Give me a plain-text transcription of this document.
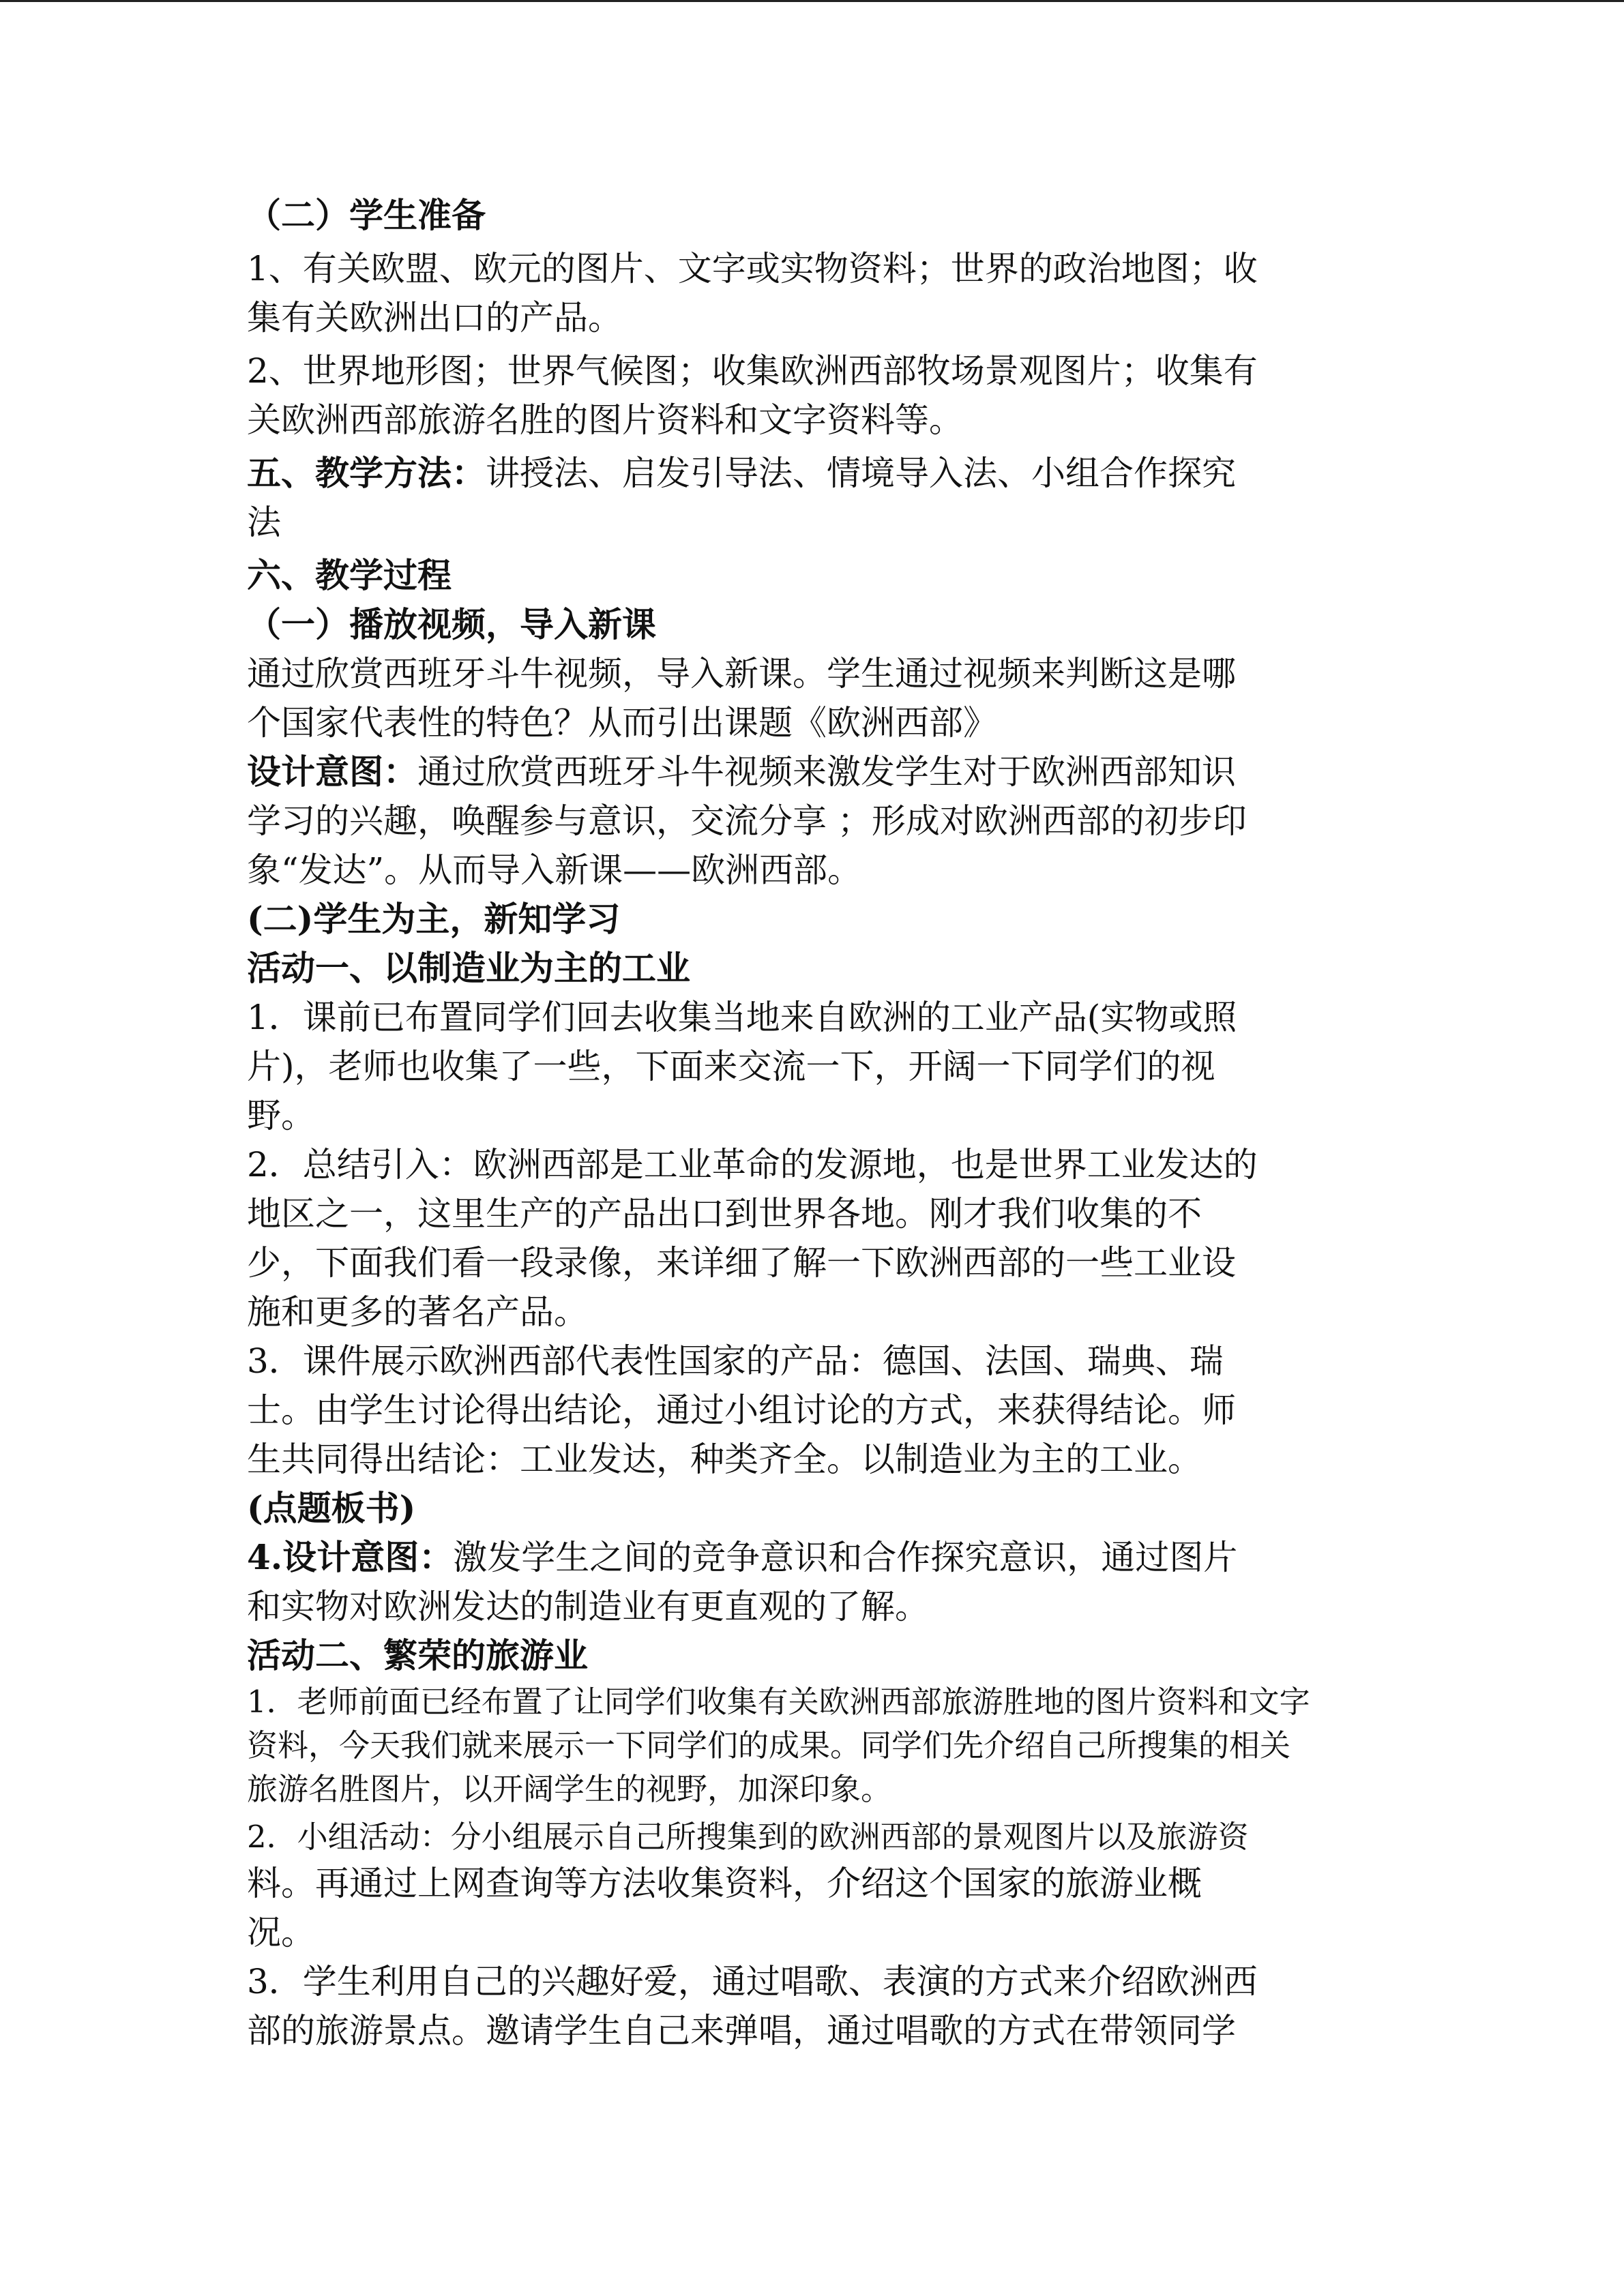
（二）学生准备
1、有关欧盟、欧元的图片、文字或实物资料；世界的政治地图；收
集有关欧洲出口的产品。
2、世界地形图；世界气候图；收集欧洲西部牧场景观图片；收集有
关欧洲西部旅游名胜的图片资料和文字资料等。
五、教学方法：讲授法、启发引导法、情境导入法、小组合作探究
法
六、教学过程
（一）播放视频，导入新课
通过欣赏西班牙斗牛视频，导入新课。学生通过视频来判断这是哪
个国家代表性的特色？从而引出课题《欧洲西部》
设计意图：通过欣赏西班牙斗牛视频来激发学生对于欧洲西部知识
学习的兴趣，唤醒参与意识，交流分享 ；形成对欧洲西部的初步印
象“发达”。从而导入新课——欧洲西部。
(二)学生为主，新知学习
活动一、以制造业为主的工业
1．课前已布置同学们回去收集当地来自欧洲的工业产品(实物或照
片)，老师也收集了一些，下面来交流一下，开阔一下同学们的视
野。
2．总结引入：欧洲西部是工业革命的发源地，也是世界工业发达的
地区之一，这里生产的产品出口到世界各地。刚才我们收集的不
少，下面我们看一段录像，来详细了解一下欧洲西部的一些工业设
施和更多的著名产品。
3．课件展示欧洲西部代表性国家的产品：德国、法国、瑞典、瑞
士。由学生讨论得出结论，通过小组讨论的方式，来获得结论。师
生共同得出结论：工业发达，种类齐全。以制造业为主的工业。
(点题板书)
4.设计意图：激发学生之间的竞争意识和合作探究意识，通过图片
和实物对欧洲发达的制造业有更直观的了解。
活动二、繁荣的旅游业
1．老师前面已经布置了让同学们收集有关欧洲西部旅游胜地的图片资料和文字
资料，今天我们就来展示一下同学们的成果。同学们先介绍自己所搜集的相关
旅游名胜图片，以开阔学生的视野，加深印象。
2．小组活动：分小组展示自己所搜集到的欧洲西部的景观图片以及旅游资
料。再通过上网查询等方法收集资料，介绍这个国家的旅游业概
况。
3．学生利用自己的兴趣好爱，通过唱歌、表演的方式来介绍欧洲西
部的旅游景点。邀请学生自己来弹唱，通过唱歌的方式在带领同学
